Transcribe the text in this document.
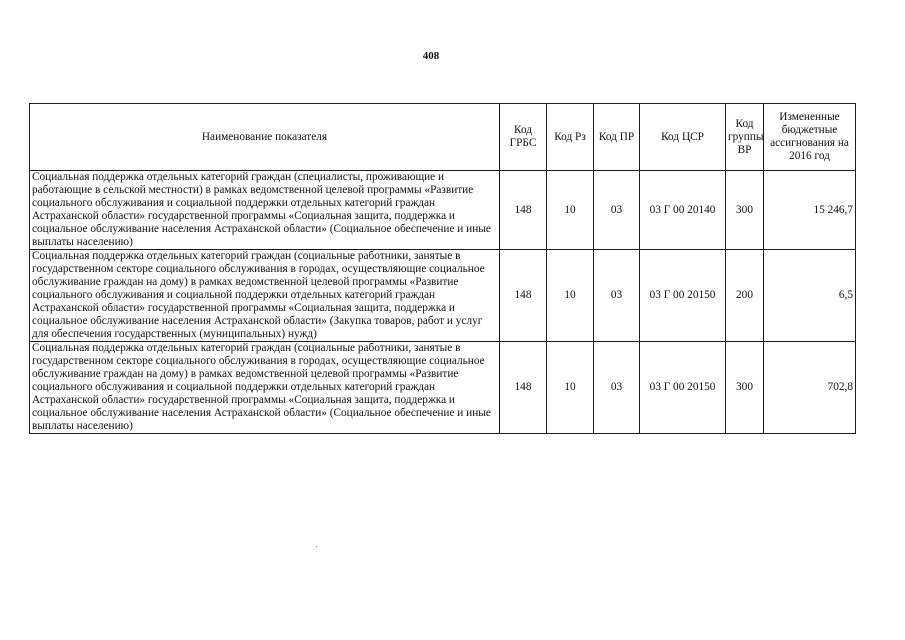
408
Наименование показателя	Код ГРБС	Код Рз	Код ПР	Код ЦСР	Код группы ВР	Измененные бюджетные ассигнования на 2016 год
Социальная поддержка отдельных категорий граждан (специалисты, проживающие и работающие в сельской местности) в рамках ведомственной целевой программы «Развитие социального обслуживания и социальной поддержки отдельных категорий граждан Астраханской области» государственной программы «Социальная защита, поддержка и социальное обслуживание населения Астраханской области» (Социальное обеспечение и иные выплаты населению)	148	10	03	03 Г 00 20140	300	15 246,7
Социальная поддержка отдельных категорий граждан (социальные работники, занятые в государственном секторе социального обслуживания в городах, осуществляющие социальное обслуживание граждан на дому) в рамках ведомственной целевой программы «Развитие социального обслуживания и социальной поддержки отдельных категорий граждан Астраханской области» государственной программы «Социальная защита, поддержка и социальное обслуживание населения Астраханской области» (Закупка товаров, работ и услуг для обеспечения государственных (муниципальных) нужд)	148	10	03	03 Г 00 20150	200	6,5
Социальная поддержка отдельных категорий граждан (социальные работники, занятые в государственном секторе социального обслуживания в городах, осуществляющие социальное обслуживание граждан на дому) в рамках ведомственной целевой программы «Развитие социального обслуживания и социальной поддержки отдельных категорий граждан Астраханской области» государственной программы «Социальная защита, поддержка и социальное обслуживание населения Астраханской области» (Социальное обеспечение и иные выплаты населению)	148	10	03	03 Г 00 20150	300	702,8
